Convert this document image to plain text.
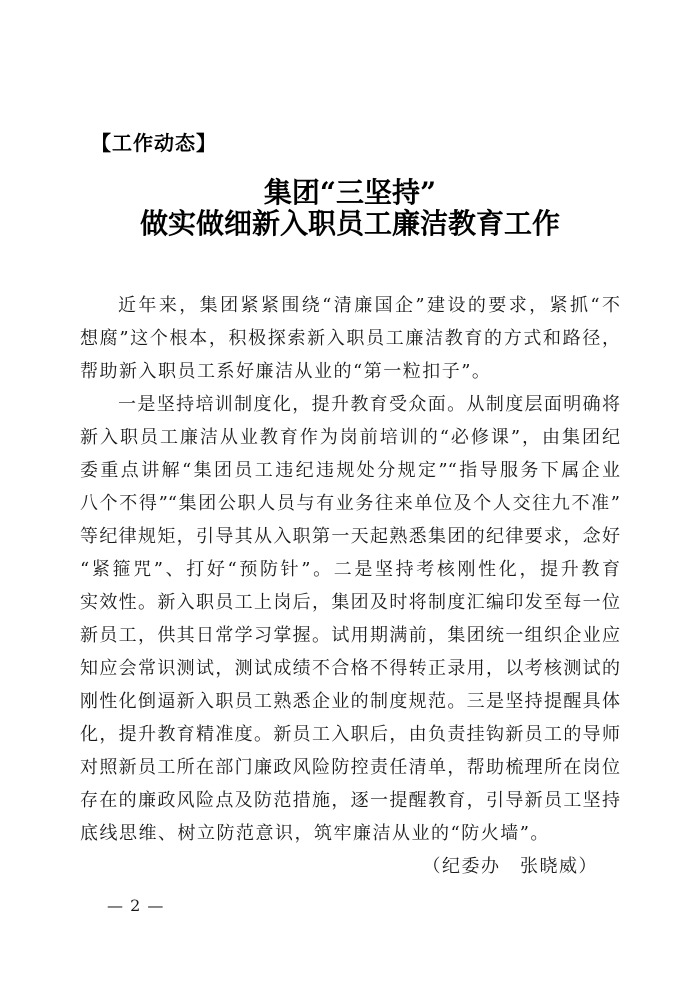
【工作动态】
集团“三坚持”
做实做细新入职员工廉洁教育工作
近年来，集团紧紧围绕“清廉国企”建设的要求，紧抓“不
想腐”这个根本，积极探索新入职员工廉洁教育的方式和路径，
帮助新入职员工系好廉洁从业的“第一粒扣子”。
一是坚持培训制度化，提升教育受众面。从制度层面明确将
新入职员工廉洁从业教育作为岗前培训的“必修课”，由集团纪
委重点讲解“集团员工违纪违规处分规定”“指导服务下属企业
八个不得”“集团公职人员与有业务往来单位及个人交往九不准”
等纪律规矩，引导其从入职第一天起熟悉集团的纪律要求，念好
“紧箍咒”、打好“预防针”。二是坚持考核刚性化，提升教育
实效性。新入职员工上岗后，集团及时将制度汇编印发至每一位
新员工，供其日常学习掌握。试用期满前，集团统一组织企业应
知应会常识测试，测试成绩不合格不得转正录用，以考核测试的
刚性化倒逼新入职员工熟悉企业的制度规范。三是坚持提醒具体
化，提升教育精准度。新员工入职后，由负责挂钩新员工的导师
对照新员工所在部门廉政风险防控责任清单，帮助梳理所在岗位
存在的廉政风险点及防范措施，逐一提醒教育，引导新员工坚持
底线思维、树立防范意识，筑牢廉洁从业的“防火墙”。
（纪委办　张晓威）
— 2 —
